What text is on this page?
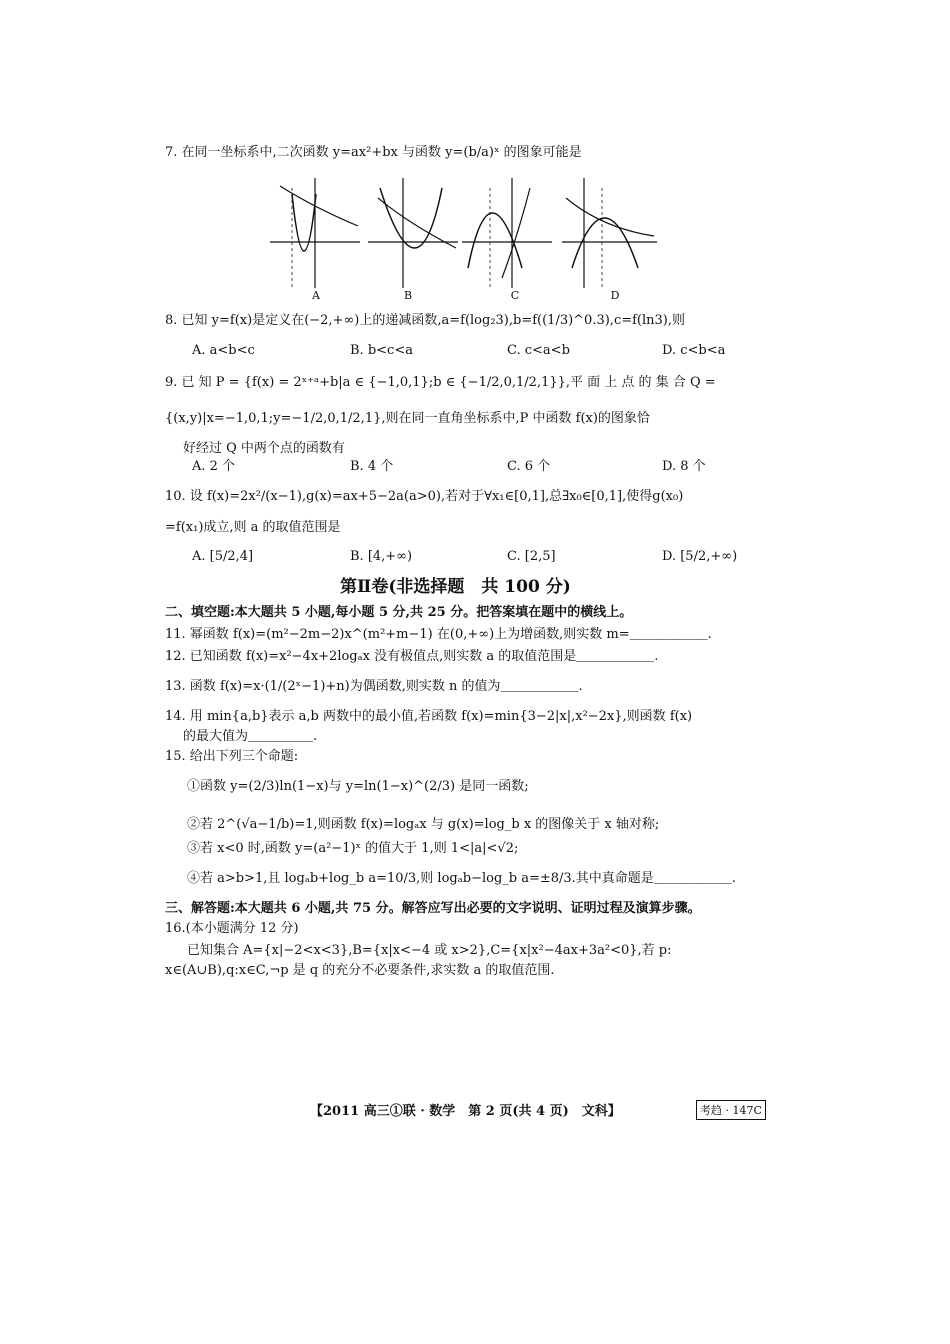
7. 在同一坐标系中,二次函数 y=ax²+bx 与函数 y=(b/a)ˣ 的图象可能是
A	B	C	D
8. 已知 y=f(x)是定义在(−2,+∞)上的递减函数,a=f(log₂3),b=f((1/3)^0.3),c=f(ln3),则
A. a<b<c	B. b<c<a	C. c<a<b	D. c<b<a
9. 已 知 P = {f(x) = 2ˣ⁺ᵃ+b|a ∈ {−1,0,1};b ∈ {−1/2,0,1/2,1}},平 面 上 点 的 集 合 Q =
{(x,y)|x=−1,0,1;y=−1/2,0,1/2,1},则在同一直角坐标系中,P 中函数 f(x)的图象恰
好经过 Q 中两个点的函数有
A. 2 个	B. 4 个	C. 6 个	D. 8 个
10. 设 f(x)=2x²/(x−1),g(x)=ax+5−2a(a>0),若对于∀x₁∈[0,1],总∃x₀∈[0,1],使得g(x₀)
=f(x₁)成立,则 a 的取值范围是
A. [5/2,4]	B. [4,+∞)	C. [2,5]	D. [5/2,+∞)
第Ⅱ卷(非选择题　共 100 分)
二、填空题:本大题共 5 小题,每小题 5 分,共 25 分。把答案填在题中的横线上。
11. 幂函数 f(x)=(m²−2m−2)x^(m²+m−1) 在(0,+∞)上为增函数,则实数 m=＿＿＿＿＿＿.
12. 已知函数 f(x)=x²−4x+2logₐx 没有极值点,则实数 a 的取值范围是＿＿＿＿＿＿.
13. 函数 f(x)=x·(1/(2ˣ−1)+n)为偶函数,则实数 n 的值为＿＿＿＿＿＿.
14. 用 min{a,b}表示 a,b 两数中的最小值,若函数 f(x)=min{3−2|x|,x²−2x},则函数 f(x)
的最大值为＿＿＿＿＿.
15. 给出下列三个命题:
①函数 y=(2/3)ln(1−x)与 y=ln(1−x)^(2/3) 是同一函数;
②若 2^(√a−1/b)=1,则函数 f(x)=logₐx 与 g(x)=log_b x 的图像关于 x 轴对称;
③若 x<0 时,函数 y=(a²−1)ˣ 的值大于 1,则 1<|a|<√2;
④若 a>b>1,且 logₐb+log_b a=10/3,则 logₐb−log_b a=±8/3.其中真命题是＿＿＿＿＿＿.
三、解答题:本大题共 6 小题,共 75 分。解答应写出必要的文字说明、证明过程及演算步骤。
16.(本小题满分 12 分)
已知集合 A={x|−2<x<3},B={x|x<−4 或 x>2},C={x|x²−4ax+3a²<0},若 p:
x∈(A∪B),q:x∈C,¬p 是 q 的充分不必要条件,求实数 a 的取值范围.
【2011 高三①联 · 数学　第 2 页(共 4 页)　文科】	考趋 · 147C
